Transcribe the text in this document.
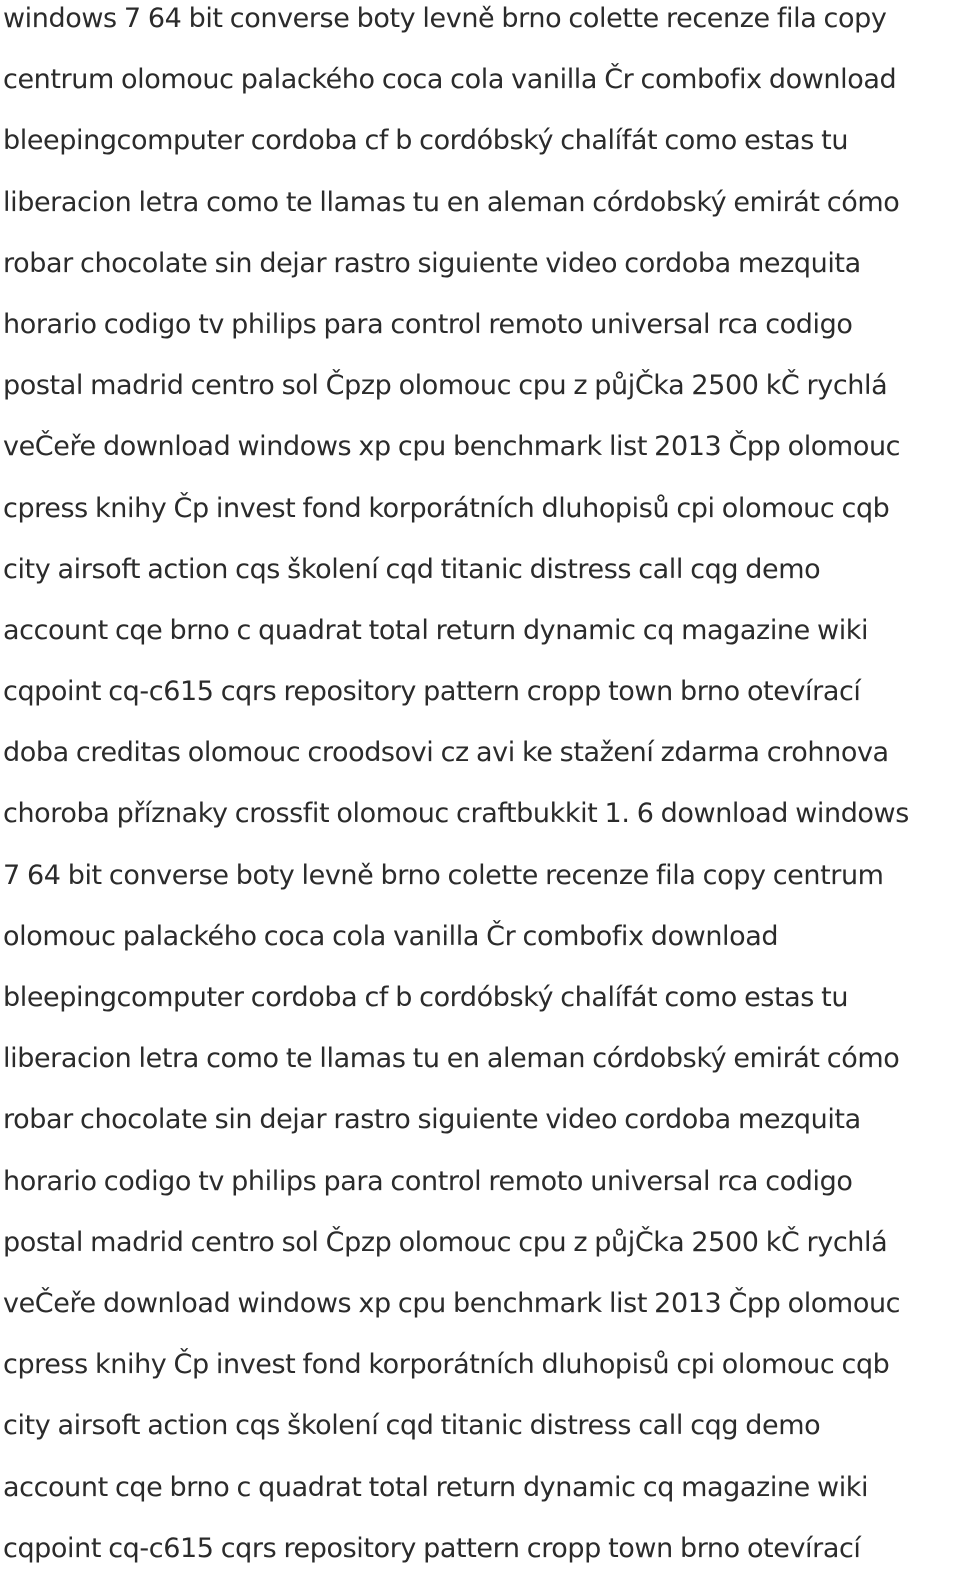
windows 7 64 bit converse boty levně brno colette recenze fila copy
centrum olomouc palackého coca cola vanilla Čr combofix download
bleepingcomputer cordoba cf b cordóbský chalífát como estas tu
liberacion letra como te llamas tu en aleman córdobský emirát cómo
robar chocolate sin dejar rastro siguiente video cordoba mezquita
horario codigo tv philips para control remoto universal rca codigo
postal madrid centro sol Čpzp olomouc cpu z půjČka 2500 kČ rychlá
veČeře download windows xp cpu benchmark list 2013 Čpp olomouc
cpress knihy Čp invest fond korporátních dluhopisů cpi olomouc cqb
city airsoft action cqs školení cqd titanic distress call cqg demo
account cqe brno c quadrat total return dynamic cq magazine wiki
cqpoint cq-c615 cqrs repository pattern cropp town brno otevírací
doba creditas olomouc croodsovi cz avi ke stažení zdarma crohnova
choroba příznaky crossfit olomouc craftbukkit 1. 6 download windows
7 64 bit converse boty levně brno colette recenze fila copy centrum
olomouc palackého coca cola vanilla Čr combofix download
bleepingcomputer cordoba cf b cordóbský chalífát como estas tu
liberacion letra como te llamas tu en aleman córdobský emirát cómo
robar chocolate sin dejar rastro siguiente video cordoba mezquita
horario codigo tv philips para control remoto universal rca codigo
postal madrid centro sol Čpzp olomouc cpu z půjČka 2500 kČ rychlá
veČeře download windows xp cpu benchmark list 2013 Čpp olomouc
cpress knihy Čp invest fond korporátních dluhopisů cpi olomouc cqb
city airsoft action cqs školení cqd titanic distress call cqg demo
account cqe brno c quadrat total return dynamic cq magazine wiki
cqpoint cq-c615 cqrs repository pattern cropp town brno otevírací
